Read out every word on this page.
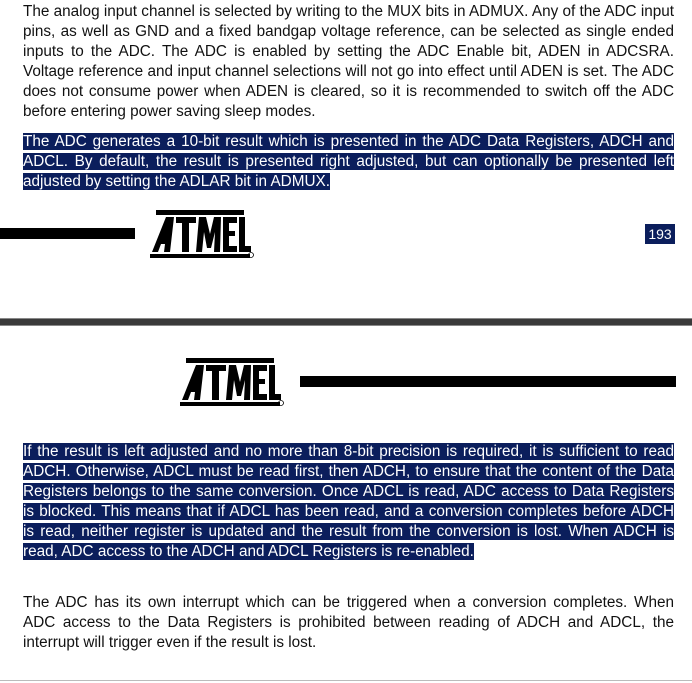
The analog input channel is selected by writing to the MUX bits in ADMUX. Any of the ADC input pins, as well as GND and a fixed bandgap voltage reference, can be selected as single ended inputs to the ADC. The ADC is enabled by setting the ADC Enable bit, ADEN in ADCSRA. Voltage reference and input channel selections will not go into effect until ADEN is set. The ADC does not consume power when ADEN is cleared, so it is recommended to switch off the ADC before entering power saving sleep modes.

The ADC generates a 10-bit result which is presented in the ADC Data Registers, ADCH and ADCL. By default, the result is presented right adjusted, but can optionally be presented left adjusted by setting the ADLAR bit in ADMUX.

193

If the result is left adjusted and no more than 8-bit precision is required, it is sufficient to read ADCH. Otherwise, ADCL must be read first, then ADCH, to ensure that the content of the Data Registers belongs to the same conversion. Once ADCL is read, ADC access to Data Registers is blocked. This means that if ADCL has been read, and a conversion completes before ADCH is read, neither register is updated and the result from the conversion is lost. When ADCH is read, ADC access to the ADCH and ADCL Registers is re-enabled.

The ADC has its own interrupt which can be triggered when a conversion completes. When ADC access to the Data Registers is prohibited between reading of ADCH and ADCL, the interrupt will trigger even if the result is lost.
